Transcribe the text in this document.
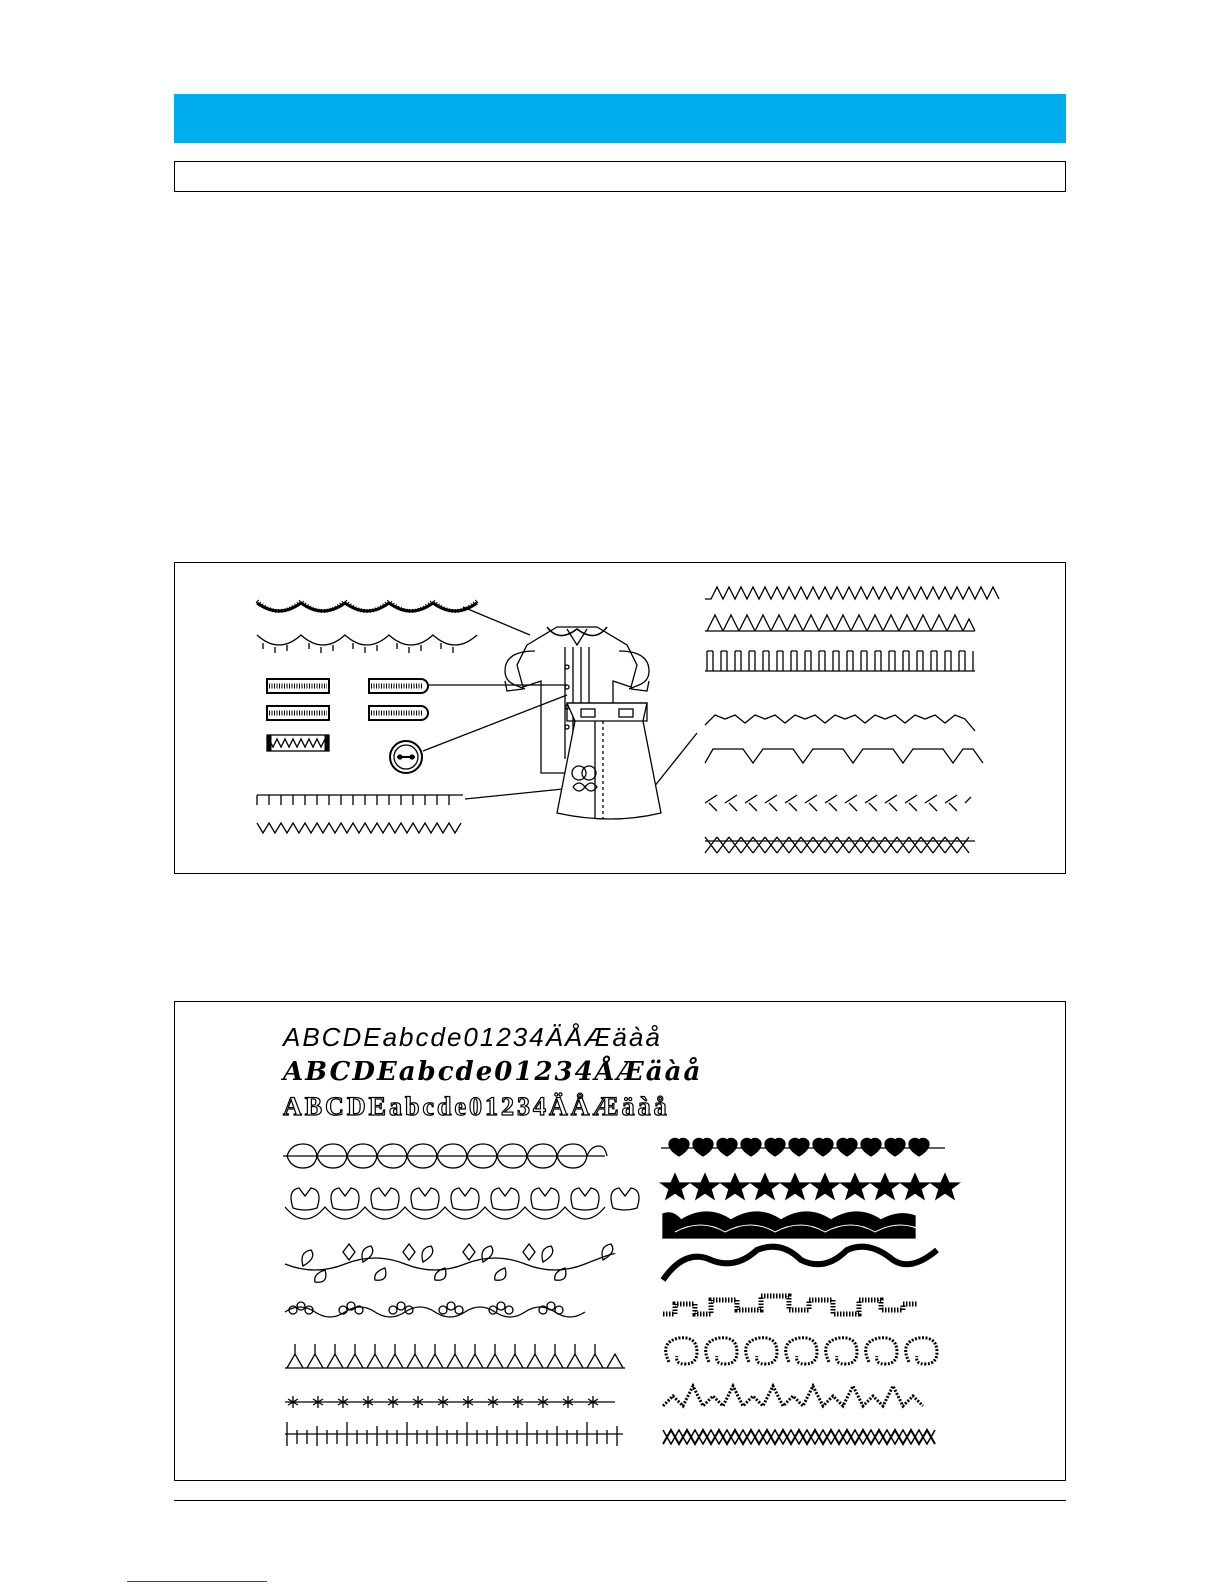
ABCDEabcde01234ÄÅÆäàå
ABCDEabcde01234ÅÆäàå
ABCDEabcde01234ÄÅÆäàå
